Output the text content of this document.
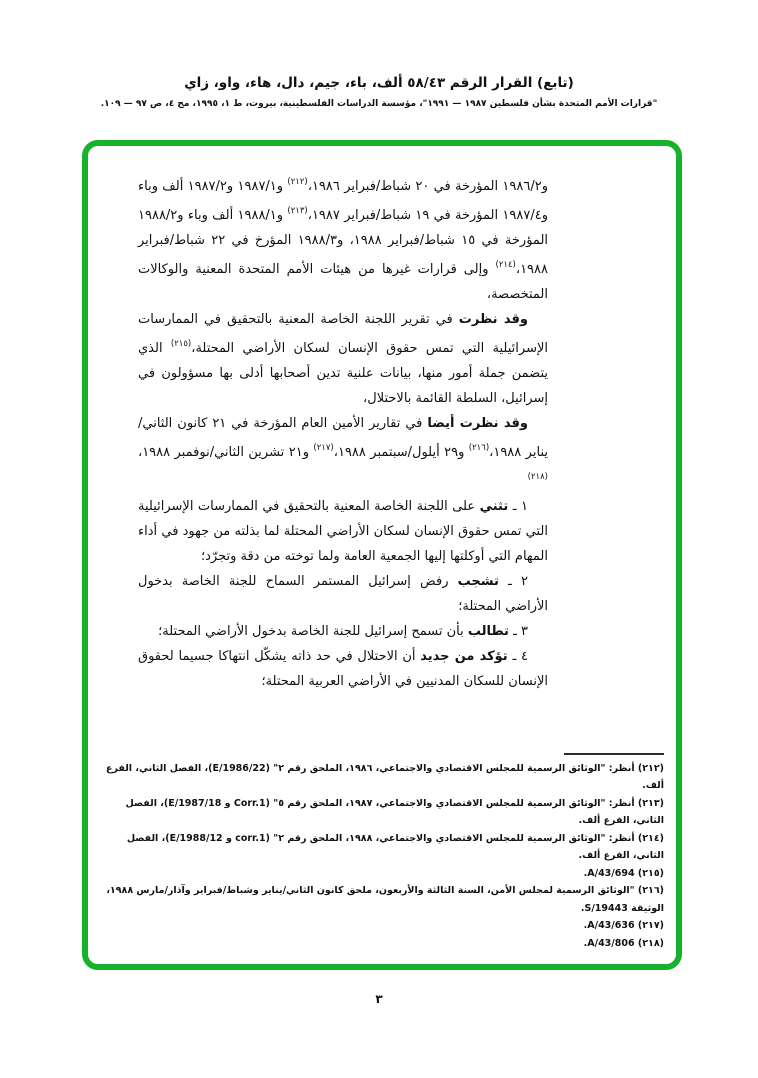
(تابع) القرار الرقم ٥٨/٤٣ ألف، باء، جيم، دال، هاء، واو، زاي
"قرارات الأمم المتحدة بشأن فلسطين ١٩٨٧ — ١٩٩١"، مؤسسة الدراسات الفلسطينية، بيروت، ط ١، ١٩٩٥، مج ٤، ص ٩٧ — ١٠٩.

و١٩٨٦/٢ المؤرخة في ٢٠ شباط/فبراير ١٩٨٦،$^{(٢١٢)}$ و١٩٨٧/١ و١٩٨٧/٢ ألف وباء و١٩٨٧/٤ المؤرخة في ١٩ شباط/فبراير ١٩٨٧،$^{(٢١٣)}$ و١٩٨٨/١ ألف وباء و١٩٨٨/٢ المؤرخة في ١٥ شباط/فبراير ١٩٨٨، و١٩٨٨/٣ المؤرخ في ٢٢ شباط/فبراير ١٩٨٨،$^{(٢١٤)}$ وإلى قرارات غيرها من هيئات الأمم المتحدة المعنية والوكالات المتخصصة،

وقد نظرت في تقرير اللجنة الخاصة المعنية بالتحقيق في الممارسات الإسرائيلية التي تمس حقوق الإنسان لسكان الأراضي المحتلة،$^{(٢١٥)}$ الذي يتضمن جملة أمور منها، بيانات علنية تدين أصحابها أدلى بها مسؤولون في إسرائيل، السلطة القائمة بالاحتلال،

وقد نظرت أيضا في تقارير الأمين العام المؤرخة في ٢١ كانون الثاني/يناير ١٩٨٨،$^{(٢١٦)}$ و٢٩ أيلول/سبتمبر ١٩٨٨،$^{(٢١٧)}$ و٢١ تشرين الثاني/نوفمبر ١٩٨٨،$^{(٢١٨)}$

١ ـ تثني على اللجنة الخاصة المعنية بالتحقيق في الممارسات الإسرائيلية التي تمس حقوق الإنسان لسكان الأراضي المحتلة لما بذلته من جهود في أداء المهام التي أوكلتها إليها الجمعية العامة ولما توخته من دقة وتجرّد؛

٢ ـ تشجب رفض إسرائيل المستمر السماح للجنة الخاصة بدخول الأراضي المحتلة؛

٣ ـ تطالب بأن تسمح إسرائيل للجنة الخاصة بدخول الأراضي المحتلة؛

٤ ـ تؤكد من جديد أن الاحتلال في حد ذاته يشكّل انتهاكا جسيما لحقوق الإنسان للسكان المدنيين في الأراضي العربية المحتلة؛

(٢١٢) أنظر: "الوثائق الرسمية للمجلس الاقتصادي والاجتماعي، ١٩٨٦، الملحق رقم ٢" (E/1986/22)، الفصل الثاني، الفرع ألف.

(٢١٣) أنظر: "الوثائق الرسمية للمجلس الاقتصادي والاجتماعي، ١٩٨٧، الملحق رقم ٥" (E/1987/18 و Corr.1)، الفصل الثاني، الفرع ألف.

(٢١٤) أنظر: "الوثائق الرسمية للمجلس الاقتصادي والاجتماعي، ١٩٨٨، الملحق رقم ٢" (E/1988/12 و corr.1)، الفصل الثاني، الفرع ألف.

(٢١٥) A/43/694.

(٢١٦) "الوثائق الرسمية لمجلس الأمن، السنة الثالثة والأربعون، ملحق كانون الثاني/يناير وشباط/فبراير وآذار/مارس ١٩٨٨، الوثيقة S/19443.

(٢١٧) A/43/636.

(٢١٨) A/43/806.

٣
